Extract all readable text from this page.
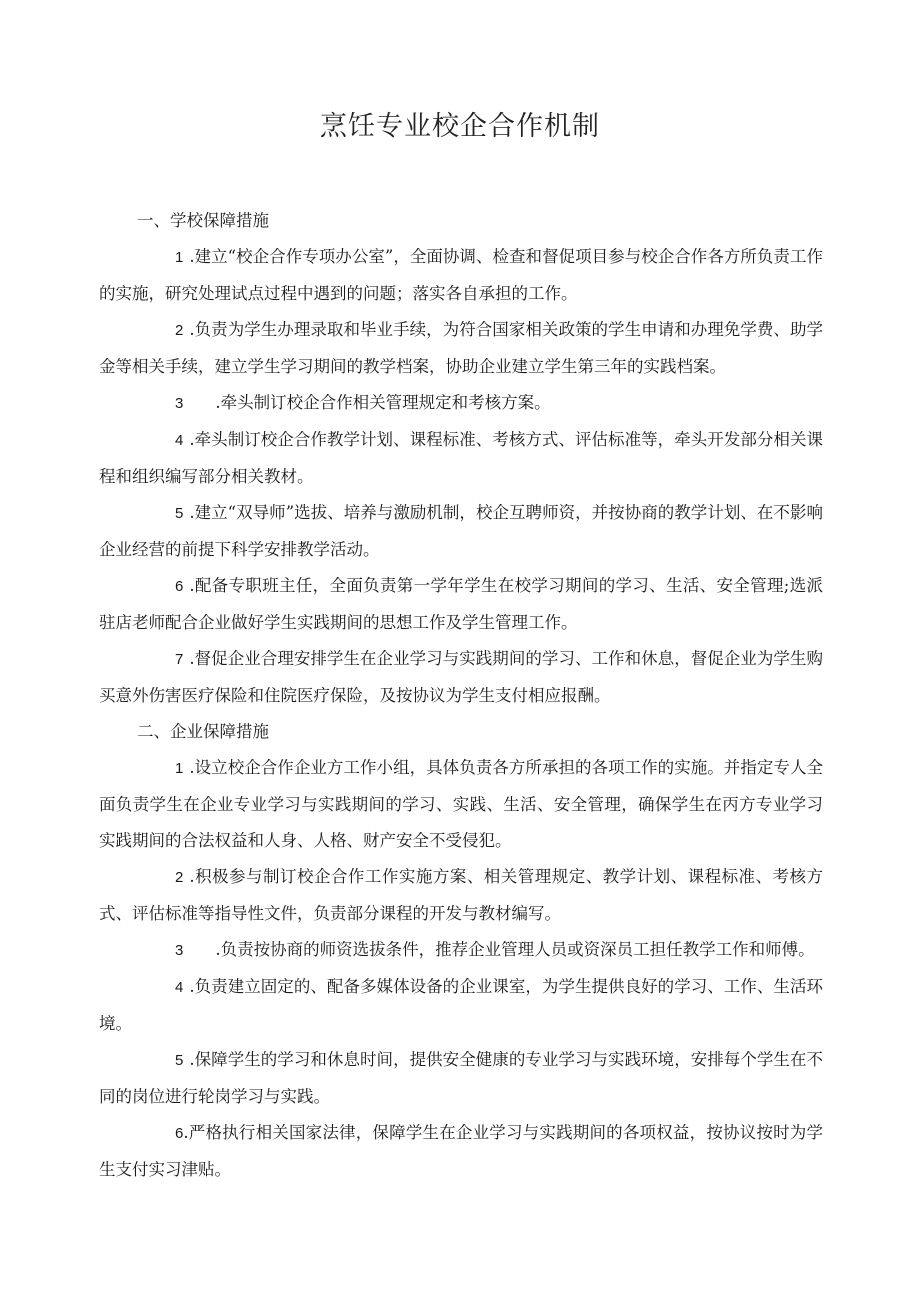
烹饪专业校企合作机制

一、学校保障措施

1 .建立“校企合作专项办公室”，全面协调、检查和督促项目参与校企合作各方所负责工作的实施，研究处理试点过程中遇到的问题；落实各自承担的工作。

2 .负责为学生办理录取和毕业手续，为符合国家相关政策的学生申请和办理免学费、助学金等相关手续，建立学生学习期间的教学档案，协助企业建立学生第三年的实践档案。

3 .牵头制订校企合作相关管理规定和考核方案。

4 .牵头制订校企合作教学计划、课程标准、考核方式、评估标准等，牵头开发部分相关课程和组织编写部分相关教材。

5 .建立“双导师”选拔、培养与激励机制，校企互聘师资，并按协商的教学计划、在不影响企业经营的前提下科学安排教学活动。

6 .配备专职班主任，全面负责第一学年学生在校学习期间的学习、生活、安全管理;选派驻店老师配合企业做好学生实践期间的思想工作及学生管理工作。

7 .督促企业合理安排学生在企业学习与实践期间的学习、工作和休息，督促企业为学生购买意外伤害医疗保险和住院医疗保险，及按协议为学生支付相应报酬。

二、企业保障措施

1 .设立校企合作企业方工作小组，具体负责各方所承担的各项工作的实施。并指定专人全面负责学生在企业专业学习与实践期间的学习、实践、生活、安全管理，确保学生在丙方专业学习实践期间的合法权益和人身、人格、财产安全不受侵犯。

2 .积极参与制订校企合作工作实施方案、相关管理规定、教学计划、课程标准、考核方式、评估标准等指导性文件，负责部分课程的开发与教材编写。

3 .负责按协商的师资选拔条件，推荐企业管理人员或资深员工担任教学工作和师傅。

4 .负责建立固定的、配备多媒体设备的企业课室，为学生提供良好的学习、工作、生活环境。

5 .保障学生的学习和休息时间，提供安全健康的专业学习与实践环境，安排每个学生在不同的岗位进行轮岗学习与实践。

6.严格执行相关国家法律，保障学生在企业学习与实践期间的各项权益，按协议按时为学生支付实习津贴。
